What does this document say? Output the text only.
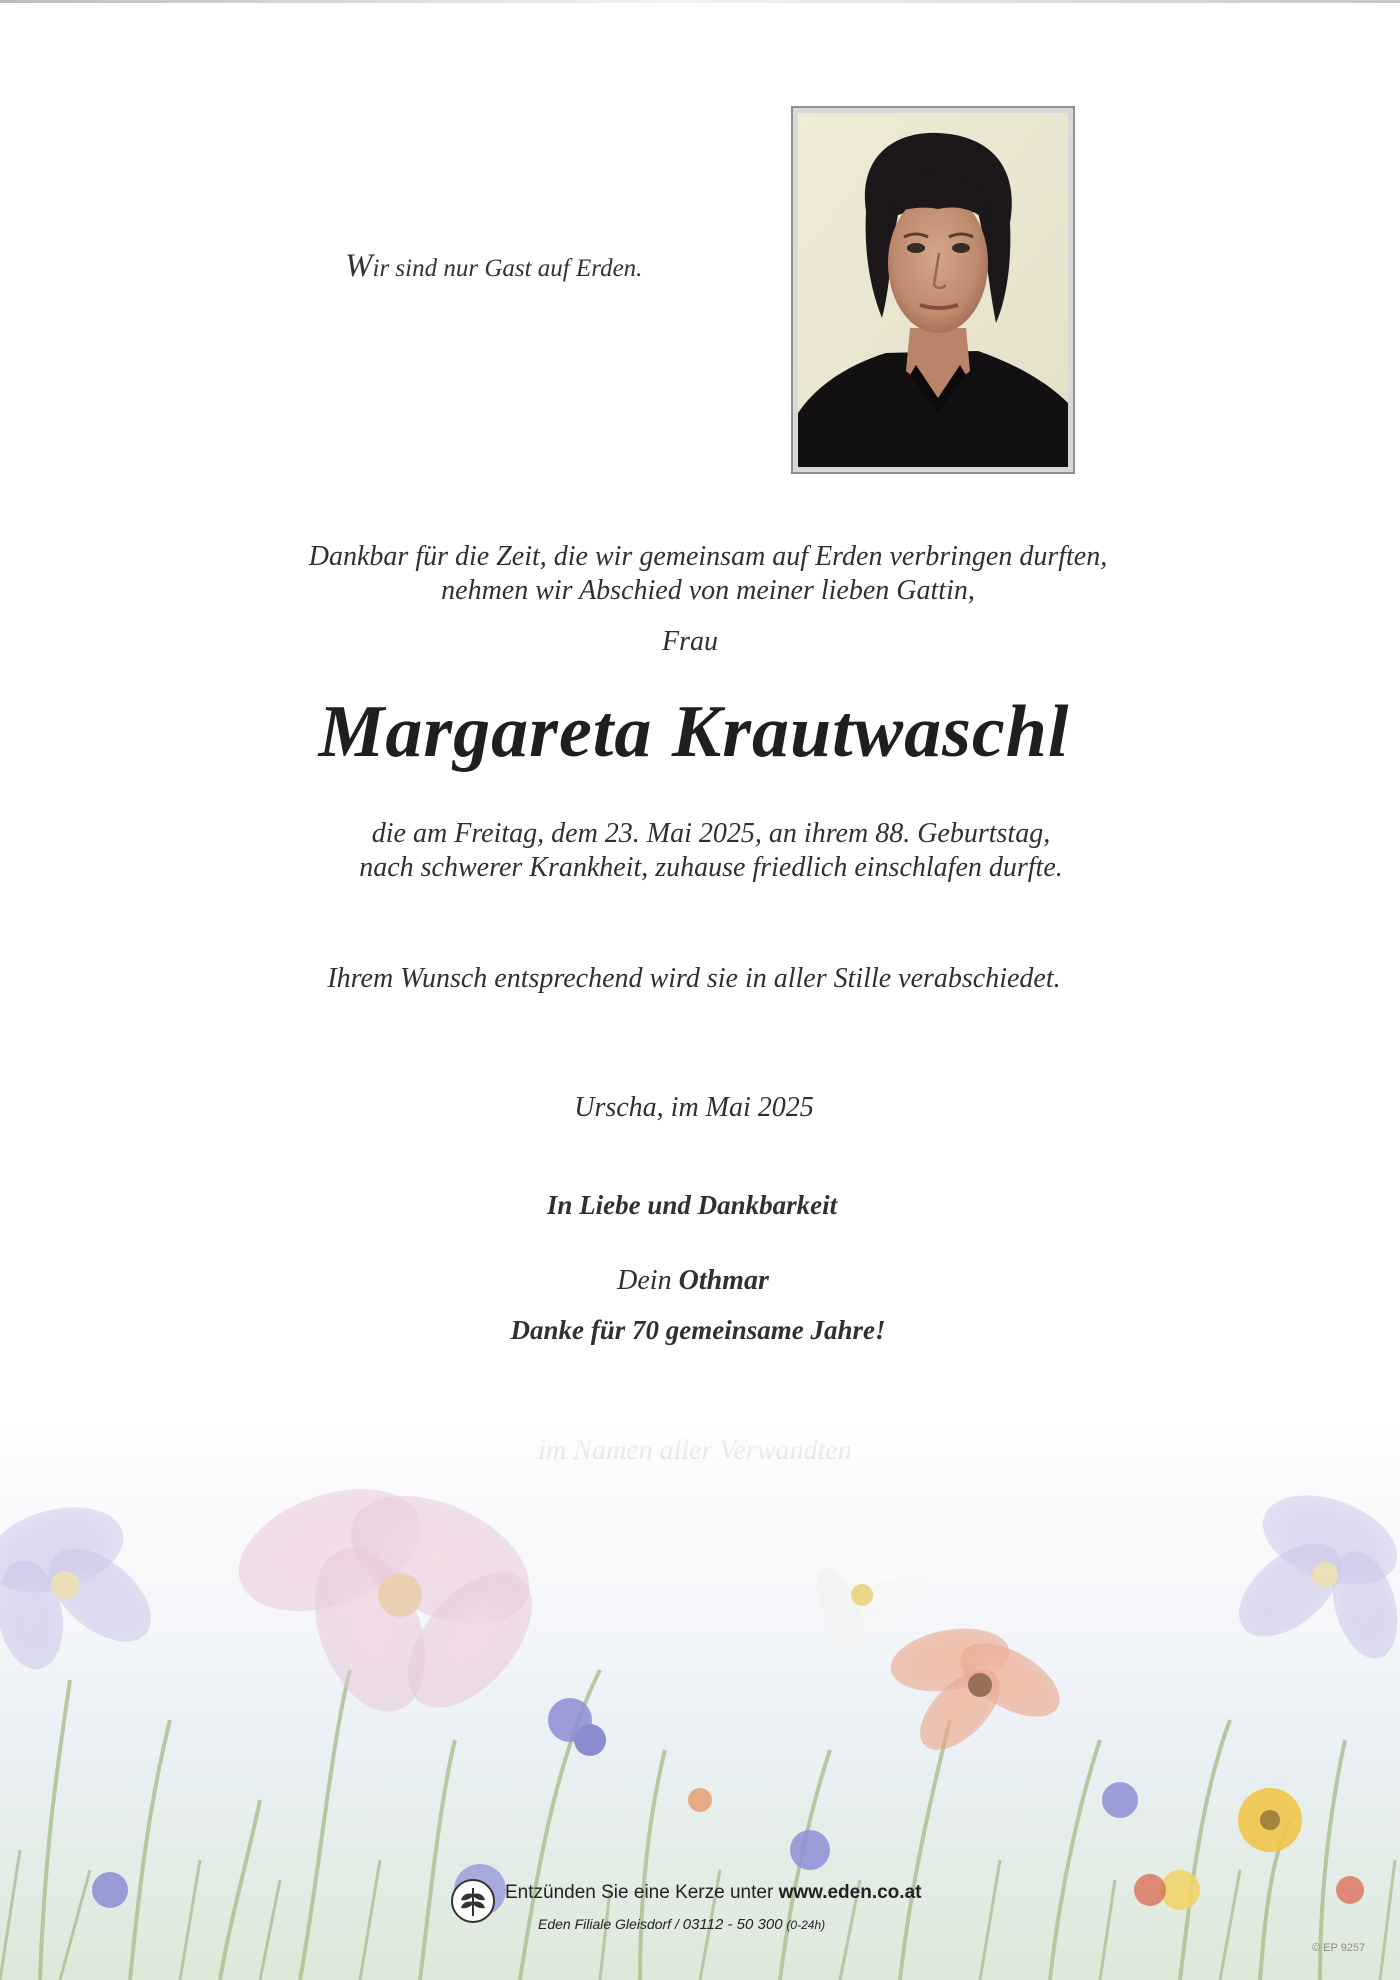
Wir sind nur Gast auf Erden.
Dankbar für die Zeit, die wir gemeinsam auf Erden verbringen durften,
nehmen wir Abschied von meiner lieben Gattin,
Frau
Margareta Krautwaschl
die am Freitag, dem 23. Mai 2025, an ihrem 88. Geburtstag,
nach schwerer Krankheit, zuhause friedlich einschlafen durfte.
Ihrem Wunsch entsprechend wird sie in aller Stille verabschiedet.
Urscha, im Mai 2025
In Liebe und Dankbarkeit
Dein Othmar
Danke für 70 gemeinsame Jahre!
Entzünden Sie eine Kerze unter www.eden.co.at
Eden Filiale Gleisdorf / 03112 - 50 300 (0-24h)
© EP 9257
